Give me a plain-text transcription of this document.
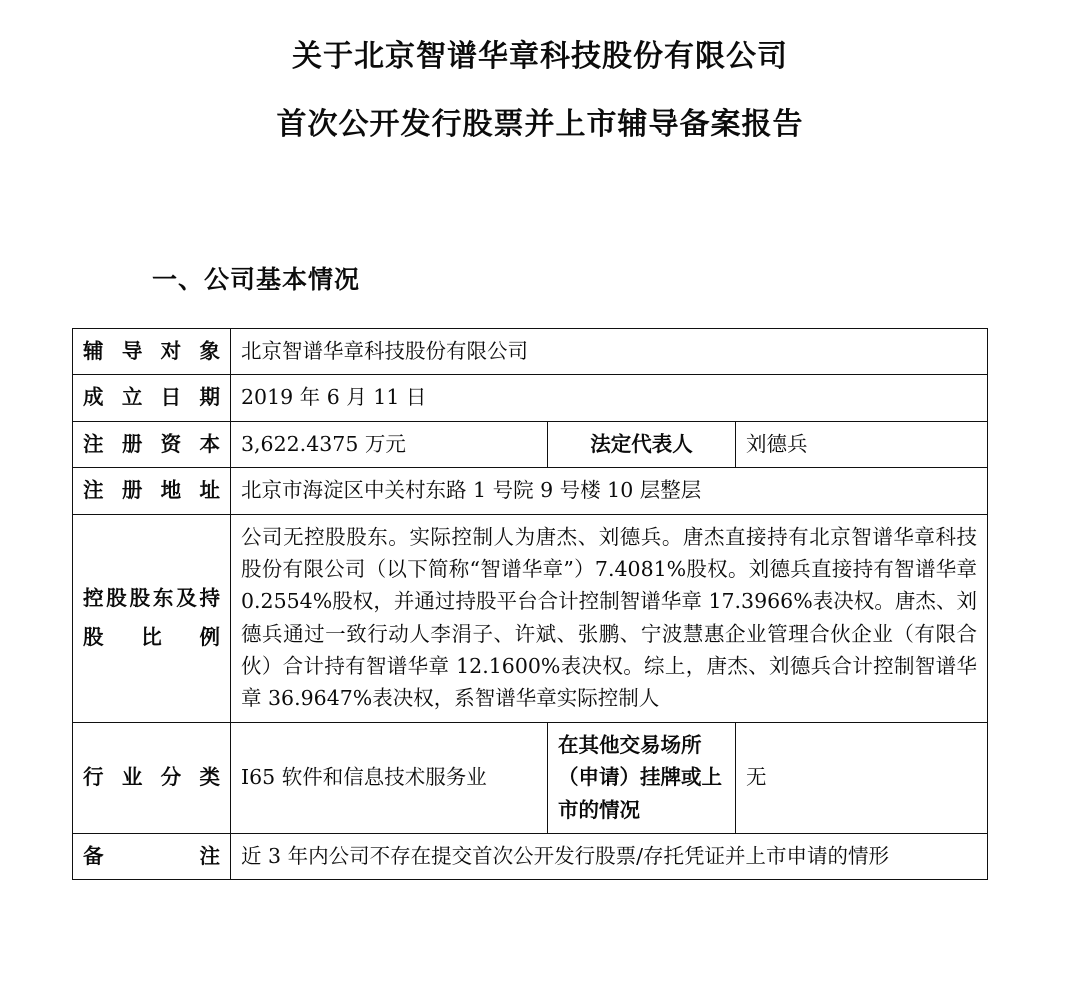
关于北京智谱华章科技股份有限公司
首次公开发行股票并上市辅导备案报告
一、公司基本情况
辅导对象	北京智谱华章科技股份有限公司		
成立日期	2019 年 6 月 11 日		
注册资本	3,622.4375 万元	法定代表人	刘德兵
注册地址	北京市海淀区中关村东路 1 号院 9 号楼 10 层整层		
控股股东及持股比例	公司无控股股东。实际控制人为唐杰、刘德兵。唐杰直接持有北京智谱华章科技股份有限公司（以下简称“智谱华章”）7.4081%股权。刘德兵直接持有智谱华章 0.2554%股权，并通过持股平台合计控制智谱华章 17.3966%表决权。唐杰、刘德兵通过一致行动人李涓子、许斌、张鹏、宁波慧惠企业管理合伙企业（有限合伙）合计持有智谱华章 12.1600%表决权。综上，唐杰、刘德兵合计控制智谱华章 36.9647%表决权，系智谱华章实际控制人		
行业分类	I65 软件和信息技术服务业	在其他交易场所（申请）挂牌或上市的情况	无
备注	近 3 年内公司不存在提交首次公开发行股票/存托凭证并上市申请的情形		
